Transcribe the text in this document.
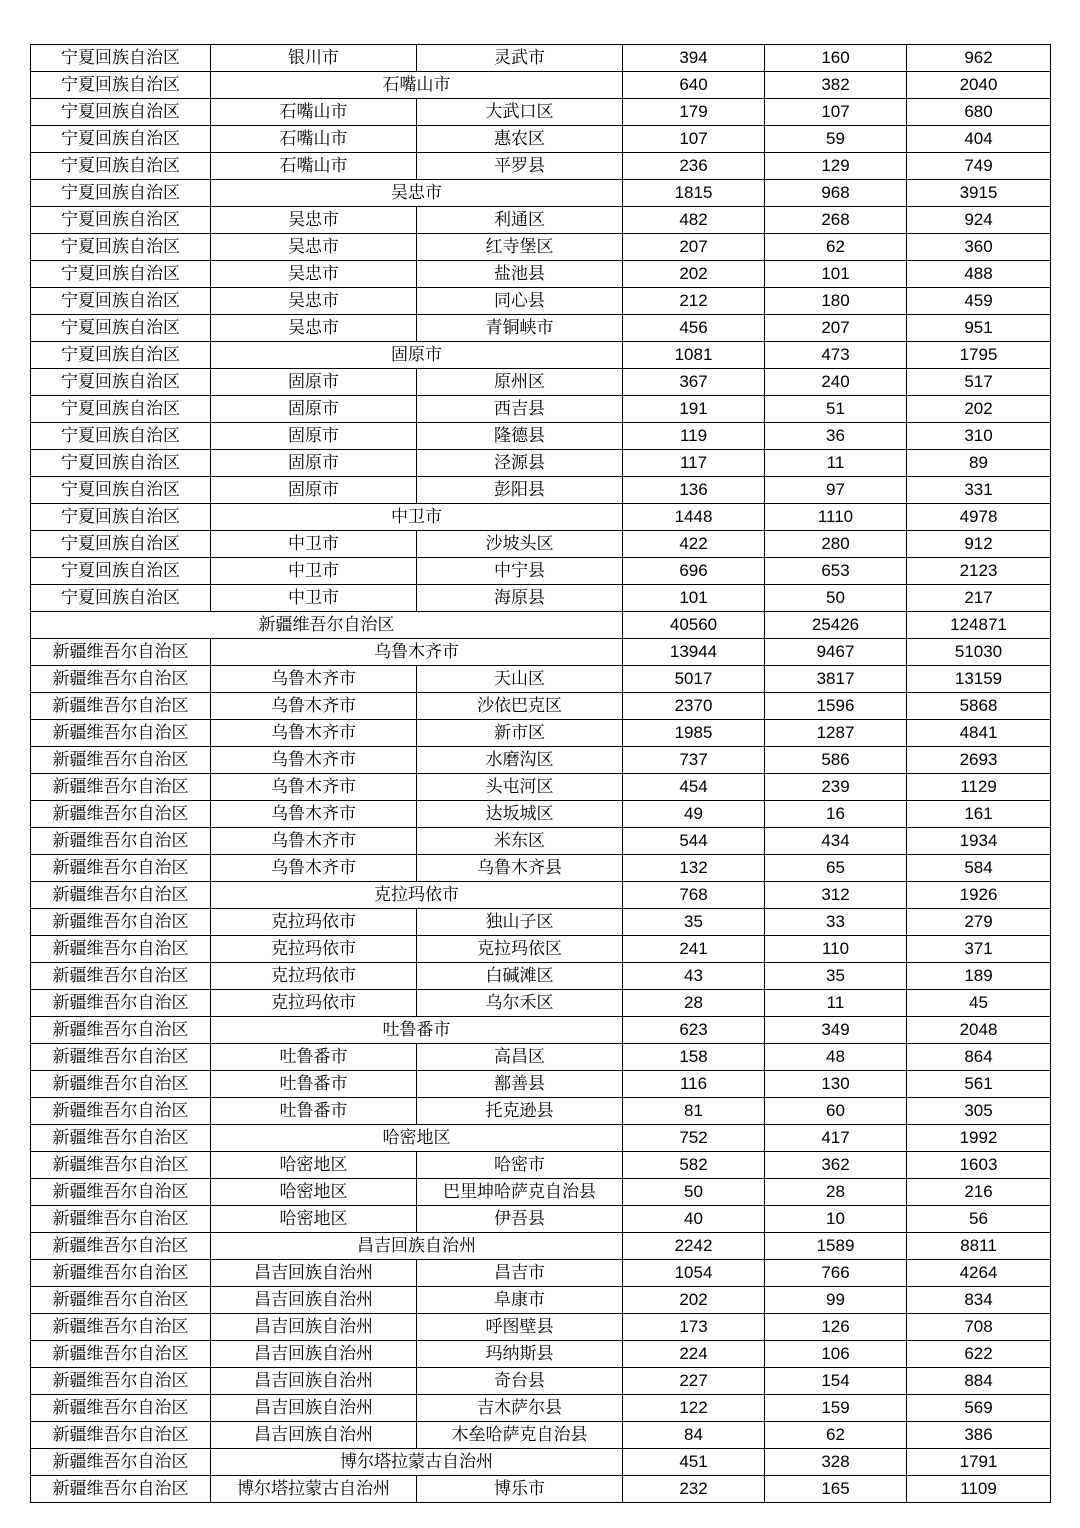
宁夏回族自治区	银川市	灵武市	394	160	962
宁夏回族自治区	石嘴山市		640	382	2040
宁夏回族自治区	石嘴山市	大武口区	179	107	680
宁夏回族自治区	石嘴山市	惠农区	107	59	404
宁夏回族自治区	石嘴山市	平罗县	236	129	749
宁夏回族自治区	吴忠市		1815	968	3915
宁夏回族自治区	吴忠市	利通区	482	268	924
宁夏回族自治区	吴忠市	红寺堡区	207	62	360
宁夏回族自治区	吴忠市	盐池县	202	101	488
宁夏回族自治区	吴忠市	同心县	212	180	459
宁夏回族自治区	吴忠市	青铜峡市	456	207	951
宁夏回族自治区	固原市		1081	473	1795
宁夏回族自治区	固原市	原州区	367	240	517
宁夏回族自治区	固原市	西吉县	191	51	202
宁夏回族自治区	固原市	隆德县	119	36	310
宁夏回族自治区	固原市	泾源县	117	11	89
宁夏回族自治区	固原市	彭阳县	136	97	331
宁夏回族自治区	中卫市		1448	1110	4978
宁夏回族自治区	中卫市	沙坡头区	422	280	912
宁夏回族自治区	中卫市	中宁县	696	653	2123
宁夏回族自治区	中卫市	海原县	101	50	217
新疆维吾尔自治区			40560	25426	124871
新疆维吾尔自治区	乌鲁木齐市		13944	9467	51030
新疆维吾尔自治区	乌鲁木齐市	天山区	5017	3817	13159
新疆维吾尔自治区	乌鲁木齐市	沙依巴克区	2370	1596	5868
新疆维吾尔自治区	乌鲁木齐市	新市区	1985	1287	4841
新疆维吾尔自治区	乌鲁木齐市	水磨沟区	737	586	2693
新疆维吾尔自治区	乌鲁木齐市	头屯河区	454	239	1129
新疆维吾尔自治区	乌鲁木齐市	达坂城区	49	16	161
新疆维吾尔自治区	乌鲁木齐市	米东区	544	434	1934
新疆维吾尔自治区	乌鲁木齐市	乌鲁木齐县	132	65	584
新疆维吾尔自治区	克拉玛依市		768	312	1926
新疆维吾尔自治区	克拉玛依市	独山子区	35	33	279
新疆维吾尔自治区	克拉玛依市	克拉玛依区	241	110	371
新疆维吾尔自治区	克拉玛依市	白碱滩区	43	35	189
新疆维吾尔自治区	克拉玛依市	乌尔禾区	28	11	45
新疆维吾尔自治区	吐鲁番市		623	349	2048
新疆维吾尔自治区	吐鲁番市	高昌区	158	48	864
新疆维吾尔自治区	吐鲁番市	鄯善县	116	130	561
新疆维吾尔自治区	吐鲁番市	托克逊县	81	60	305
新疆维吾尔自治区	哈密地区		752	417	1992
新疆维吾尔自治区	哈密地区	哈密市	582	362	1603
新疆维吾尔自治区	哈密地区	巴里坤哈萨克自治县	50	28	216
新疆维吾尔自治区	哈密地区	伊吾县	40	10	56
新疆维吾尔自治区	昌吉回族自治州		2242	1589	8811
新疆维吾尔自治区	昌吉回族自治州	昌吉市	1054	766	4264
新疆维吾尔自治区	昌吉回族自治州	阜康市	202	99	834
新疆维吾尔自治区	昌吉回族自治州	呼图壁县	173	126	708
新疆维吾尔自治区	昌吉回族自治州	玛纳斯县	224	106	622
新疆维吾尔自治区	昌吉回族自治州	奇台县	227	154	884
新疆维吾尔自治区	昌吉回族自治州	吉木萨尔县	122	159	569
新疆维吾尔自治区	昌吉回族自治州	木垒哈萨克自治县	84	62	386
新疆维吾尔自治区	博尔塔拉蒙古自治州		451	328	1791
新疆维吾尔自治区	博尔塔拉蒙古自治州	博乐市	232	165	1109
